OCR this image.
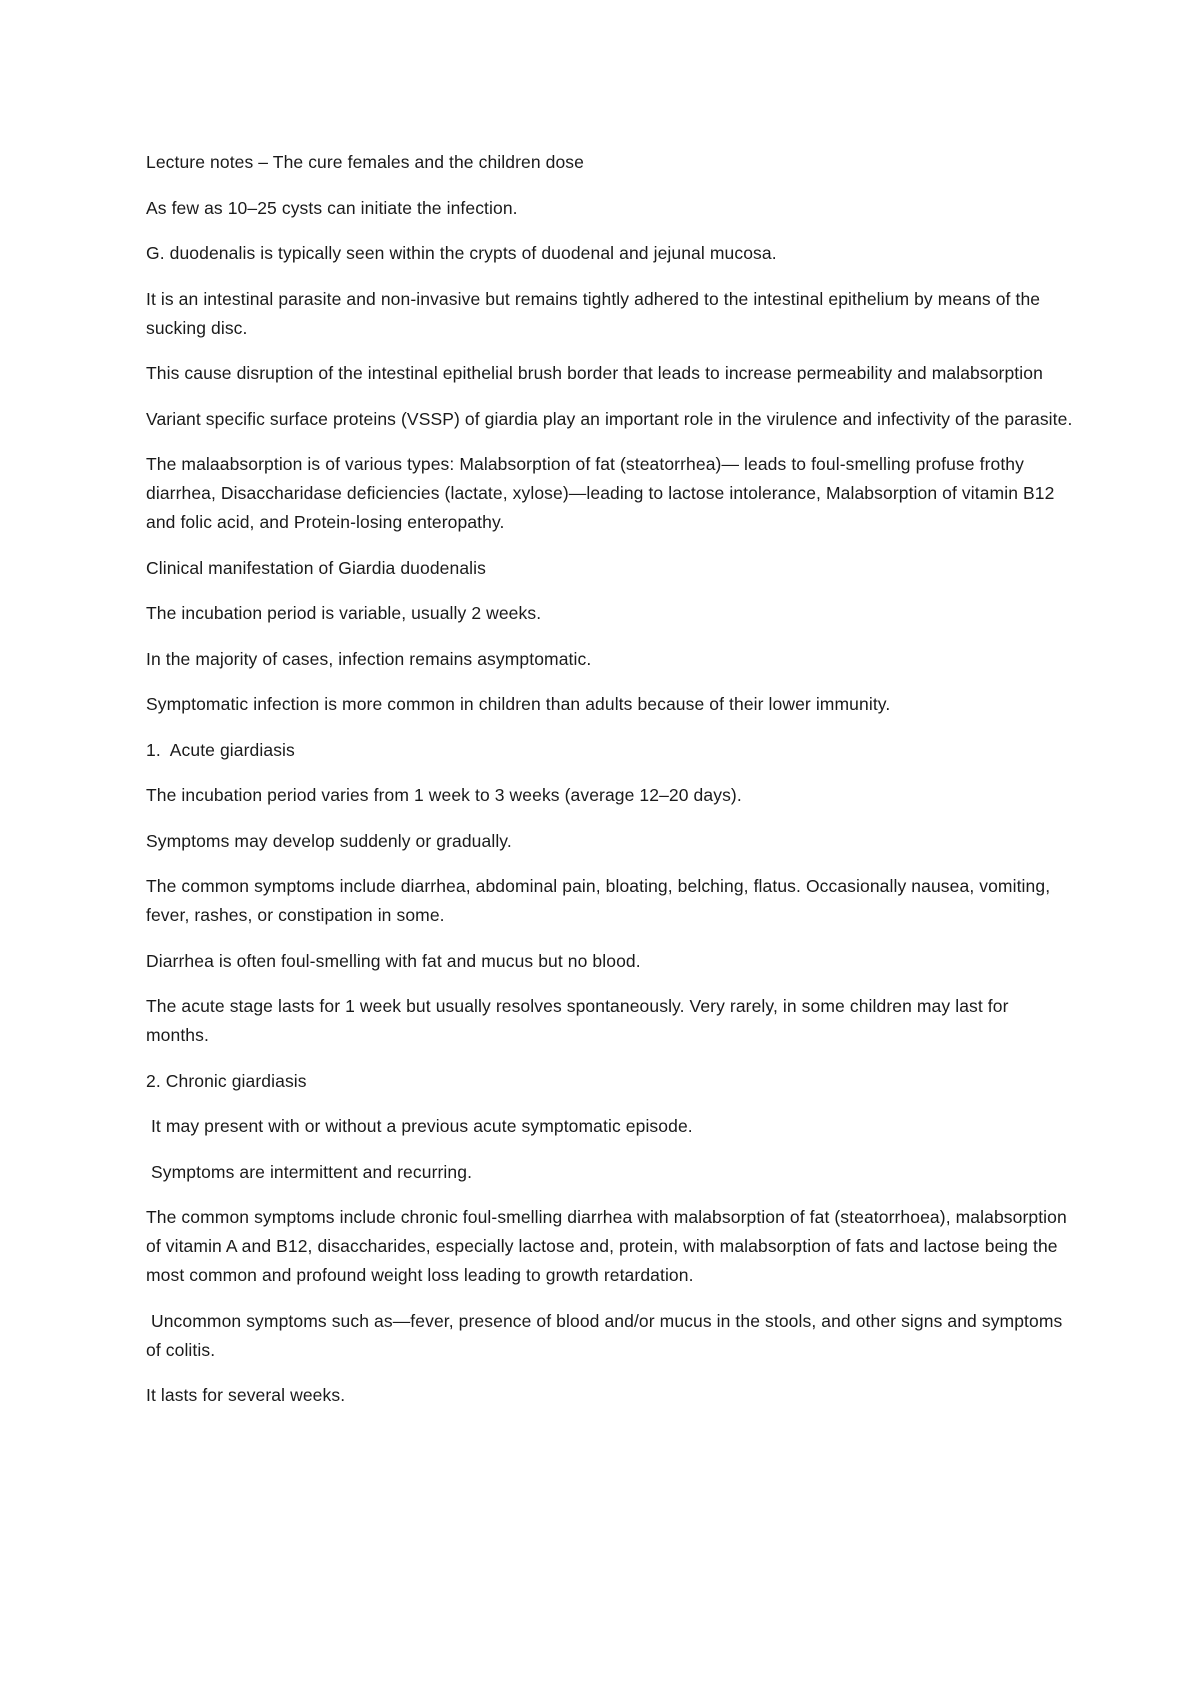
Lecture notes – The cure females and the children dose

As few as 10–25 cysts can initiate the infection.

G. duodenalis is typically seen within the crypts of duodenal and jejunal mucosa.

It is an intestinal parasite and non-invasive but remains tightly adhered to the intestinal epithelium by means of the sucking disc.

This cause disruption of the intestinal epithelial brush border that leads to increase permeability and malabsorption

Variant specific surface proteins (VSSP) of giardia play an important role in the virulence and infectivity of the parasite.

The malaabsorption is of various types: Malabsorption of fat (steatorrhea)— leads to foul-smelling profuse frothy diarrhea, Disaccharidase deficiencies (lactate, xylose)—leading to lactose intolerance, Malabsorption of vitamin B12 and folic acid, and Protein-losing enteropathy.

Clinical manifestation of Giardia duodenalis

The incubation period is variable, usually 2 weeks.

In the majority of cases, infection remains asymptomatic.

Symptomatic infection is more common in children than adults because of their lower immunity.

1.  Acute giardiasis

The incubation period varies from 1 week to 3 weeks (average 12–20 days).

Symptoms may develop suddenly or gradually.

The common symptoms include diarrhea, abdominal pain, bloating, belching, flatus. Occasionally nausea, vomiting, fever, rashes, or constipation in some.

Diarrhea is often foul-smelling with fat and mucus but no blood.

The acute stage lasts for 1 week but usually resolves spontaneously. Very rarely, in some children may last for months.

2. Chronic giardiasis

It may present with or without a previous acute symptomatic episode.

Symptoms are intermittent and recurring.

The common symptoms include chronic foul-smelling diarrhea with malabsorption of fat (steatorrhoea), malabsorption of vitamin A and B12, disaccharides, especially lactose and, protein, with malabsorption of fats and lactose being the most common and profound weight loss leading to growth retardation.

Uncommon symptoms such as—fever, presence of blood and/or mucus in the stools, and other signs and symptoms of colitis.

It lasts for several weeks.
